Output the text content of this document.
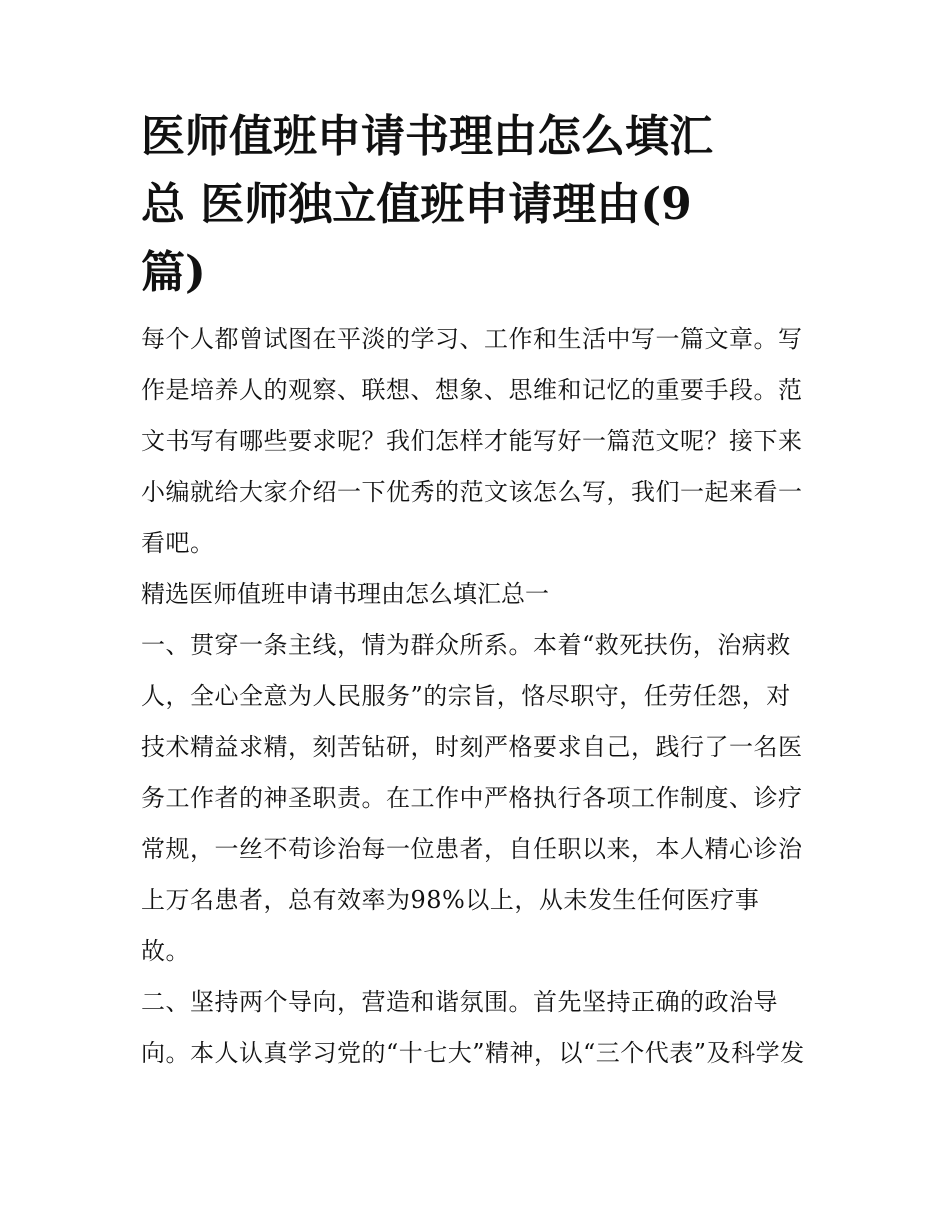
医师值班申请书理由怎么填汇
总 医师独立值班申请理由(9
篇)
每个人都曾试图在平淡的学习、工作和生活中写一篇文章。写
作是培养人的观察、联想、想象、思维和记忆的重要手段。范
文书写有哪些要求呢？我们怎样才能写好一篇范文呢？接下来
小编就给大家介绍一下优秀的范文该怎么写，我们一起来看一
看吧。
精选医师值班申请书理由怎么填汇总一
一、贯穿一条主线，情为群众所系。本着“救死扶伤，治病救
人，全心全意为人民服务”的宗旨，恪尽职守，任劳任怨，对
技术精益求精，刻苦钻研，时刻严格要求自己，践行了一名医
务工作者的神圣职责。在工作中严格执行各项工作制度、诊疗
常规，一丝不苟诊治每一位患者，自任职以来，本人精心诊治
上万名患者，总有效率为98%以上，从未发生任何医疗事
故。
二、坚持两个导向，营造和谐氛围。首先坚持正确的政治导
向。本人认真学习党的“十七大”精神，以“三个代表”及科学发
